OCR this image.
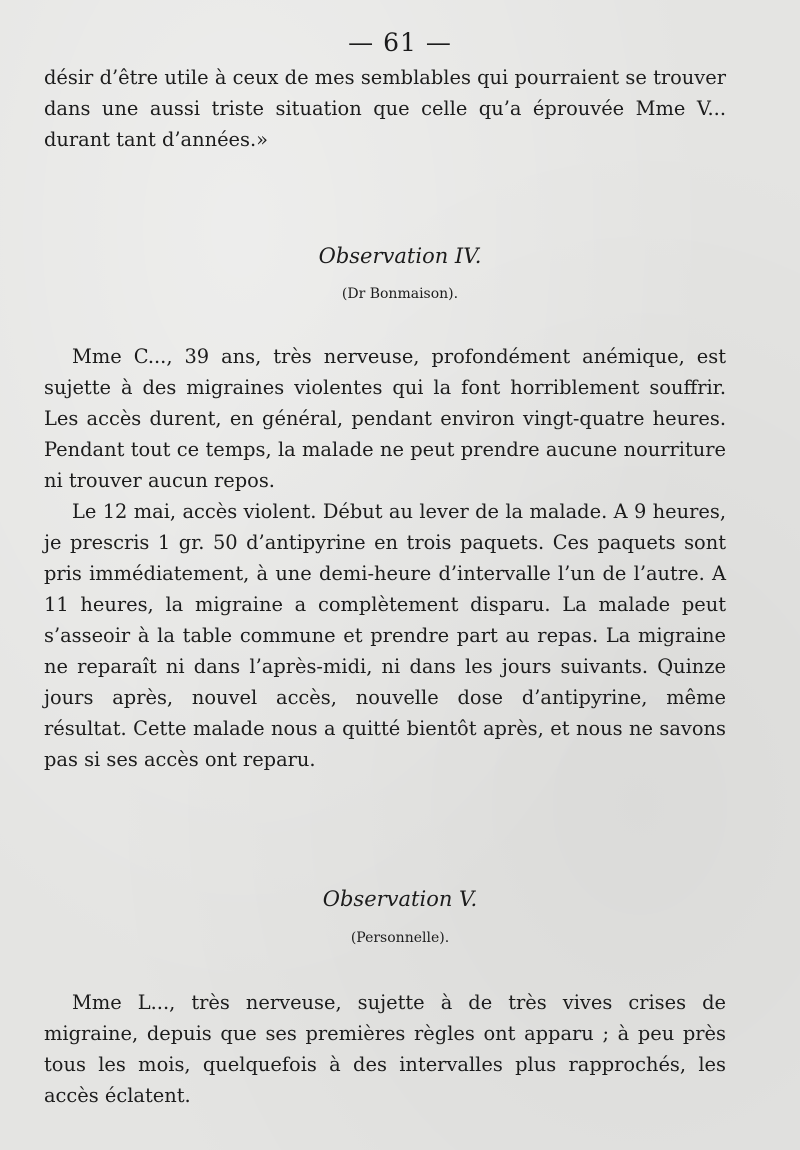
— 61 —

désir d’être utile à ceux de mes semblables qui pourraient se trouver dans une aussi triste situation que celle qu’a éprouvée Mme V... durant tant d’années.»

Observation IV.
(Dr Bonmaison).

Mme C..., 39 ans, très nerveuse, profondément anémique, est sujette à des migraines violentes qui la font horriblement souffrir. Les accès durent, en général, pendant environ vingt-quatre heures. Pendant tout ce temps, la malade ne peut prendre aucune nourriture ni trouver aucun repos.

Le 12 mai, accès violent. Début au lever de la malade. A 9 heures, je prescris 1 gr. 50 d’antipyrine en trois paquets. Ces paquets sont pris immédiatement, à une demi-heure d’intervalle l’un de l’autre. A 11 heures, la migraine a complètement disparu. La malade peut s’asseoir à la table commune et prendre part au repas. La migraine ne reparaît ni dans l’après-midi, ni dans les jours suivants. Quinze jours après, nouvel accès, nouvelle dose d’antipyrine, même résultat. Cette malade nous a quitté bientôt après, et nous ne savons pas si ses accès ont reparu.

Observation V.
(Personnelle).

Mme L..., très nerveuse, sujette à de très vives crises de migraine, depuis que ses premières règles ont apparu ; à peu près tous les mois, quelquefois à des intervalles plus rapprochés, les accès éclatent.
